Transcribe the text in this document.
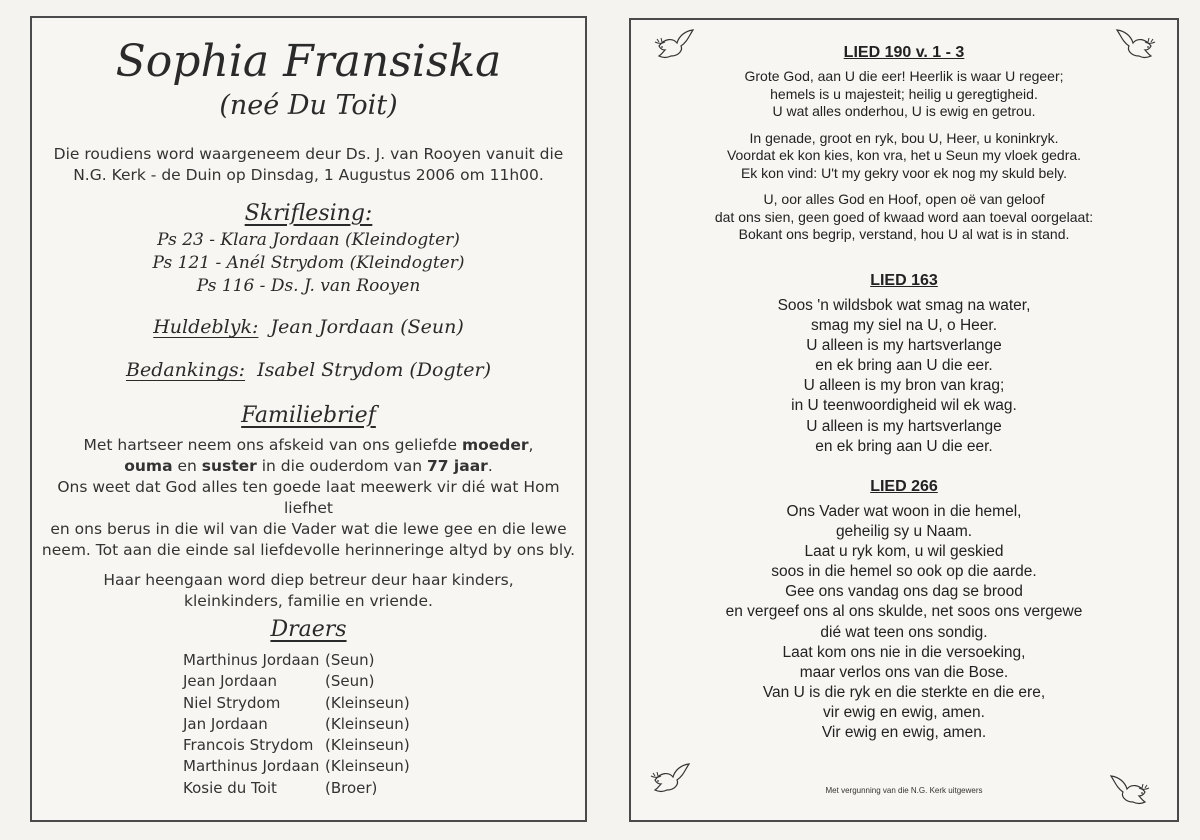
Sophia Fransiska
(neé Du Toit)
Die roudiens word waargeneem deur Ds. J. van Rooyen vanuit die
N.G. Kerk - de Duin op Dinsdag, 1 Augustus 2006 om 11h00.
Skriflesing:
Ps 23 - Klara Jordaan (Kleindogter)
Ps 121 - Anél Strydom (Kleindogter)
Ps 116 - Ds. J. van Rooyen
Huldeblyk: Jean Jordaan (Seun)
Bedankings: Isabel Strydom (Dogter)
Familiebrief
Met hartseer neem ons afskeid van ons geliefde moeder,
ouma en suster in die ouderdom van 77 jaar.
Ons weet dat God alles ten goede laat meewerk vir dié wat Hom liefhet
en ons berus in die wil van die Vader wat die lewe gee en die lewe
neem. Tot aan die einde sal liefdevolle herinneringe altyd by ons bly.
Haar heengaan word diep betreur deur haar kinders,
kleinkinders, familie en vriende.
Draers
Marthinus Jordaan (Seun)
Jean Jordaan	(Seun)
Niel Strydom	(Kleinseun)
Jan Jordaan	(Kleinseun)
Francois Strydom (Kleinseun)
Marthinus Jordaan (Kleinseun)
Kosie du Toit	(Broer)
LIED 190 v. 1 - 3
Grote God, aan U die eer! Heerlik is waar U regeer;
hemels is u majesteit; heilig u geregtigheid.
U wat alles onderhou, U is ewig en getrou.
In genade, groot en ryk, bou U, Heer, u koninkryk.
Voordat ek kon kies, kon vra, het u Seun my vloek gedra.
Ek kon vind: U't my gekry voor ek nog my skuld bely.
U, oor alles God en Hoof, open oë van geloof
dat ons sien, geen goed of kwaad word aan toeval oorgelaat:
Bokant ons begrip, verstand, hou U al wat is in stand.
LIED 163
Soos 'n wildsbok wat smag na water,
smag my siel na U, o Heer.
U alleen is my hartsverlange
en ek bring aan U die eer.
U alleen is my bron van krag;
in U teenwoordigheid wil ek wag.
U alleen is my hartsverlange
en ek bring aan U die eer.
LIED 266
Ons Vader wat woon in die hemel,
geheilig sy u Naam.
Laat u ryk kom, u wil geskied
soos in die hemel so ook op die aarde.
Gee ons vandag ons dag se brood
en vergeef ons al ons skulde, net soos ons vergewe
dié wat teen ons sondig.
Laat kom ons nie in die versoeking,
maar verlos ons van die Bose.
Van U is die ryk en die sterkte en die ere,
vir ewig en ewig, amen.
Vir ewig en ewig, amen.
Met vergunning van die N.G. Kerk uitgewers
